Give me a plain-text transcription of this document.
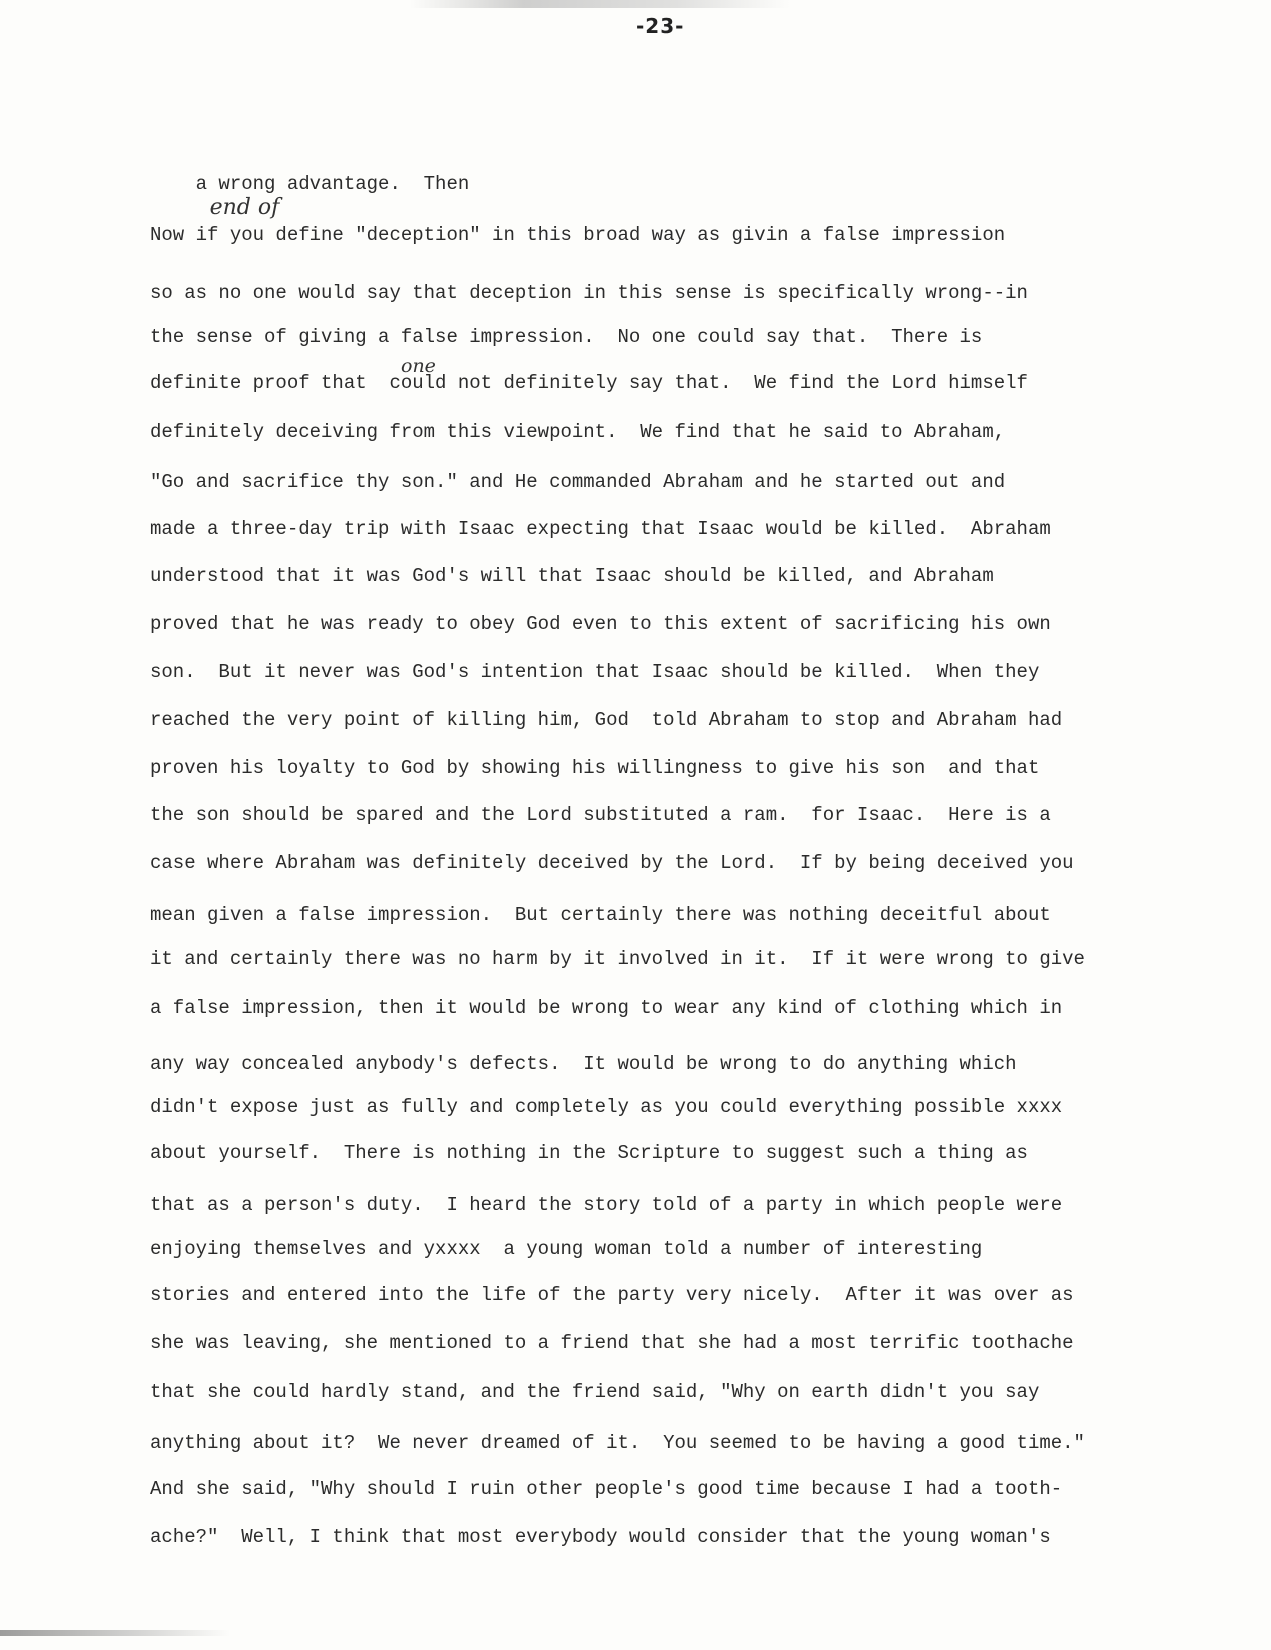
-23-

a wrong advantage.  Then
end of

Now if you define "deception" in this broad way as givin a false impression
so as no one would say that deception in this sense is specifically wrong--in
the sense of giving a false impression.  No one could say that.  There is
one
definite proof that  could not definitely say that.  We find the Lord himself
definitely deceiving from this viewpoint.  We find that he said to Abraham,
"Go and sacrifice thy son." and He commanded Abraham and he started out and
made a three-day trip with Isaac expecting that Isaac would be killed.  Abraham
understood that it was God's will that Isaac should be killed, and Abraham
proved that he was ready to obey God even to this extent of sacrificing his own
son.  But it never was God's intention that Isaac should be killed.  When they
reached the very point of killing him, God  told Abraham to stop and Abraham had
proven his loyalty to God by showing his willingness to give his son  and that
the son should be spared and the Lord substituted a ram.  for Isaac.  Here is a
case where Abraham was definitely deceived by the Lord.  If by being deceived you
mean given a false impression.  But certainly there was nothing deceitful about
it and certainly there was no harm by it involved in it.  If it were wrong to give
a false impression, then it would be wrong to wear any kind of clothing which in
any way concealed anybody's defects.  It would be wrong to do anything which
didn't expose just as fully and completely as you could everything possible xxxx
about yourself.  There is nothing in the Scripture to suggest such a thing as
that as a person's duty.  I heard the story told of a party in which people were
enjoying themselves and yxxxx  a young woman told a number of interesting
stories and entered into the life of the party very nicely.  After it was over as
she was leaving, she mentioned to a friend that she had a most terrific toothache
that she could hardly stand, and the friend said, "Why on earth didn't you say
anything about it?  We never dreamed of it.  You seemed to be having a good time."
And she said, "Why should I ruin other people's good time because I had a tooth-
ache?"  Well, I think that most everybody would consider that the young woman's
